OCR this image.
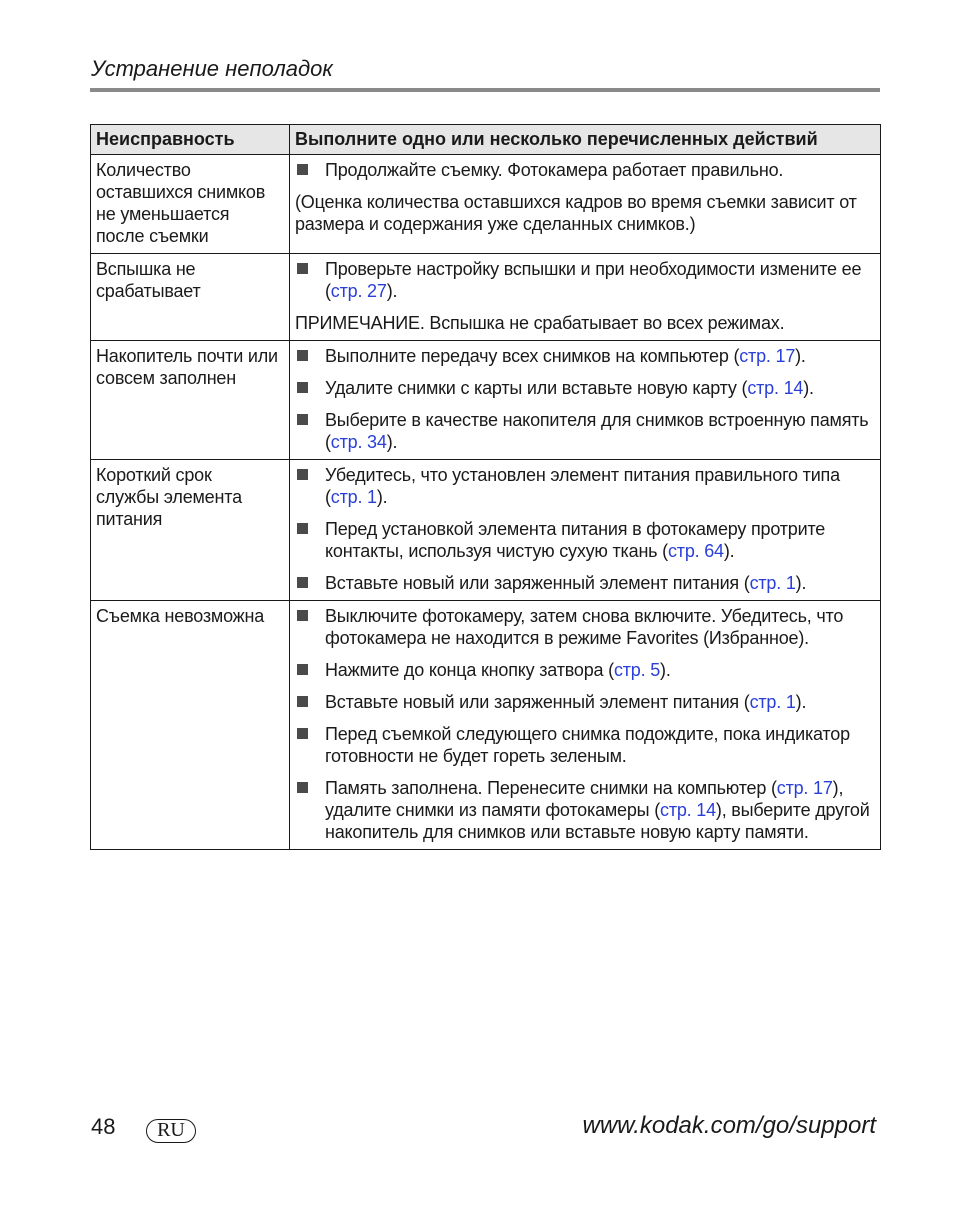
Устранение неполадок
Неисправность	Выполните одно или несколько перечисленных действий

Количество оставшихся снимков не уменьшается после съемки	Продолжайте съемку. Фотокамера работает правильно.
(Оценка количества оставшихся кадров во время съемки зависит от размера и содержания уже сделанных снимков.)

Вспышка не срабатывает	Проверьте настройку вспышки и при необходимости измените ее (стр. 27).
ПРИМЕЧАНИЕ. Вспышка не срабатывает во всех режимах.

Накопитель почти или совсем заполнен	Выполните передачу всех снимков на компьютер (стр. 17).
Удалите снимки с карты или вставьте новую карту (стр. 14).
Выберите в качестве накопителя для снимков встроенную память (стр. 34).

Короткий срок службы элемента питания	Убедитесь, что установлен элемент питания правильного типа (стр. 1).
Перед установкой элемента питания в фотокамеру протрите контакты, используя чистую сухую ткань (стр. 64).
Вставьте новый или заряженный элемент питания (стр. 1).

Съемка невозможна	Выключите фотокамеру, затем снова включите. Убедитесь, что фотокамера не находится в режиме Favorites (Избранное).
Нажмите до конца кнопку затвора (стр. 5).
Вставьте новый или заряженный элемент питания (стр. 1).
Перед съемкой следующего снимка подождите, пока индикатор готовности не будет гореть зеленым.
Память заполнена. Перенесите снимки на компьютер (стр. 17), удалите снимки из памяти фотокамеры (стр. 14), выберите другой накопитель для снимков или вставьте новую карту памяти.
48	RU	www.kodak.com/go/support
